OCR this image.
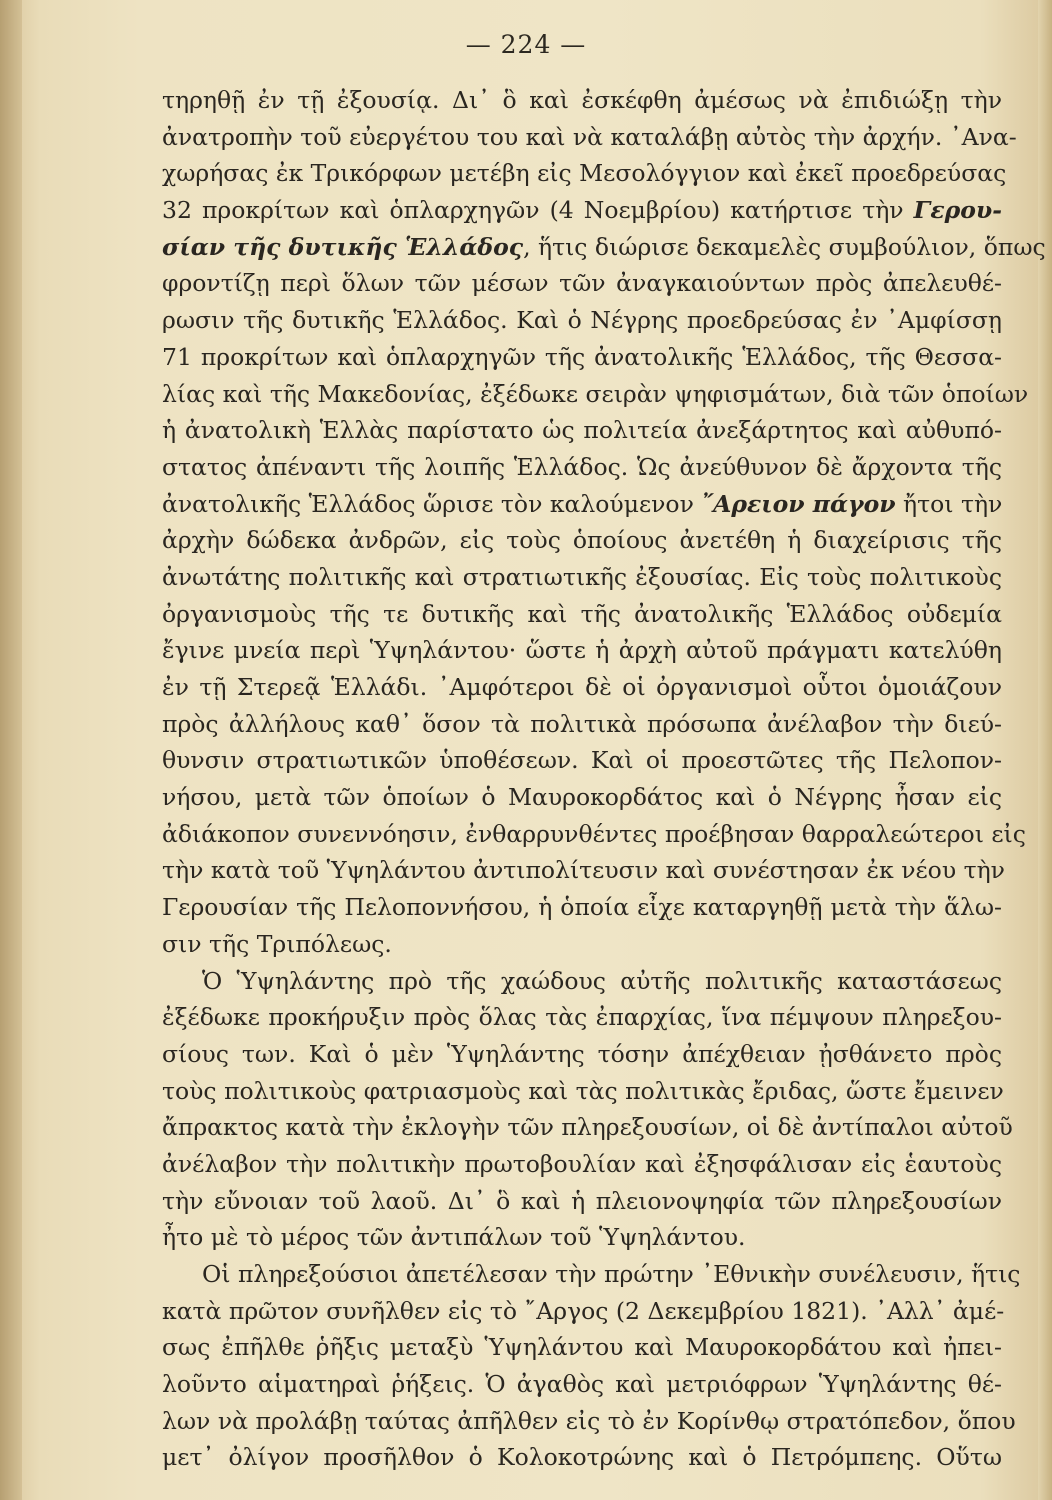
— 224 —
τηρηθῇ ἐν τῇ ἐξουσίᾳ. Δι᾿ ὃ καὶ ἐσκέφθη ἀμέσως νὰ ἐπιδιώξῃ τὴν
ἀνατροπὴν τοῦ εὐεργέτου του καὶ νὰ καταλάβῃ αὐτὸς τὴν ἀρχήν. ᾿Ανα-
χωρήσας ἐκ Τρικόρφων μετέβη εἰς Μεσολόγγιον καὶ ἐκεῖ προεδρεύσας
32 προκρίτων καὶ ὁπλαρχηγῶν (4 Νοεμβρίου) κατήρτισε τὴν Γερου-
σίαν τῆς δυτικῆς Ἑλλάδος, ἥτις διώρισε δεκαμελὲς συμβούλιον, ὅπως
φροντίζῃ περὶ ὅλων τῶν μέσων τῶν ἀναγκαιούντων πρὸς ἀπελευθέ-
ρωσιν τῆς δυτικῆς Ἑλλάδος. Καὶ ὁ Νέγρης προεδρεύσας ἐν ᾿Αμφίσσῃ
71 προκρίτων καὶ ὁπλαρχηγῶν τῆς ἀνατολικῆς Ἑλλάδος, τῆς Θεσσα-
λίας καὶ τῆς Μακεδονίας, ἐξέδωκε σειρὰν ψηφισμάτων, διὰ τῶν ὁποίων
ἡ ἀνατολικὴ Ἑλλὰς παρίστατο ὡς πολιτεία ἀνεξάρτητος καὶ αὐθυπό-
στατος ἀπέναντι τῆς λοιπῆς Ἑλλάδος. Ὡς ἀνεύθυνον δὲ ἄρχοντα τῆς
ἀνατολικῆς Ἑλλάδος ὥρισε τὸν καλούμενον ῎Αρειον πάγον ἤτοι τὴν
ἀρχὴν δώδεκα ἀνδρῶν, εἰς τοὺς ὁποίους ἀνετέθη ἡ διαχείρισις τῆς
ἀνωτάτης πολιτικῆς καὶ στρατιωτικῆς ἐξουσίας. Εἰς τοὺς πολιτικοὺς
ὀργανισμοὺς τῆς τε δυτικῆς καὶ τῆς ἀνατολικῆς Ἑλλάδος οὐδεμία
ἔγινε μνεία περὶ Ὑψηλάντου· ὥστε ἡ ἀρχὴ αὐτοῦ πράγματι κατελύθη
ἐν τῇ Στερεᾷ Ἑλλάδι. ᾿Αμφότεροι δὲ οἱ ὀργανισμοὶ οὗτοι ὁμοιάζουν
πρὸς ἀλλήλους καθ᾿ ὅσον τὰ πολιτικὰ πρόσωπα ἀνέλαβον τὴν διεύ-
θυνσιν στρατιωτικῶν ὑποθέσεων. Καὶ οἱ προεστῶτες τῆς Πελοπον-
νήσου, μετὰ τῶν ὁποίων ὁ Μαυροκορδάτος καὶ ὁ Νέγρης ἦσαν εἰς
ἀδιάκοπον συνεννόησιν, ἐνθαρρυνθέντες προέβησαν θαρραλεώτεροι εἰς
τὴν κατὰ τοῦ Ὑψηλάντου ἀντιπολίτευσιν καὶ συνέστησαν ἐκ νέου τὴν
Γερουσίαν τῆς Πελοποννήσου, ἡ ὁποία εἶχε καταργηθῇ μετὰ τὴν ἅλω-
σιν τῆς Τριπόλεως.
Ὁ Ὑψηλάντης πρὸ τῆς χαώδους αὐτῆς πολιτικῆς καταστάσεως
ἐξέδωκε προκήρυξιν πρὸς ὅλας τὰς ἐπαρχίας, ἵνα πέμψουν πληρεξου-
σίους των. Καὶ ὁ μὲν Ὑψηλάντης τόσην ἀπέχθειαν ᾐσθάνετο πρὸς
τοὺς πολιτικοὺς φατριασμοὺς καὶ τὰς πολιτικὰς ἔριδας, ὥστε ἔμεινεν
ἄπρακτος κατὰ τὴν ἐκλογὴν τῶν πληρεξουσίων, οἱ δὲ ἀντίπαλοι αὐτοῦ
ἀνέλαβον τὴν πολιτικὴν πρωτοβουλίαν καὶ ἐξησφάλισαν εἰς ἑαυτοὺς
τὴν εὔνοιαν τοῦ λαοῦ. Δι᾿ ὃ καὶ ἡ πλειονοψηφία τῶν πληρεξουσίων
ἦτο μὲ τὸ μέρος τῶν ἀντιπάλων τοῦ Ὑψηλάντου.
Οἱ πληρεξούσιοι ἀπετέλεσαν τὴν πρώτην ᾿Εθνικὴν συνέλευσιν, ἥτις
κατὰ πρῶτον συνῆλθεν εἰς τὸ ῎Αργος (2 Δεκεμβρίου 1821). ᾿Αλλ᾿ ἀμέ-
σως ἐπῆλθε ῥῆξις μεταξὺ Ὑψηλάντου καὶ Μαυροκορδάτου καὶ ἠπει-
λοῦντο αἱματηραὶ ῥήξεις. Ὁ ἀγαθὸς καὶ μετριόφρων Ὑψηλάντης θέ-
λων νὰ προλάβῃ ταύτας ἀπῆλθεν εἰς τὸ ἐν Κορίνθῳ στρατόπεδον, ὅπου
μετ᾿ ὀλίγον προσῆλθον ὁ Κολοκοτρώνης καὶ ὁ Πετρόμπεης. Οὕτω
